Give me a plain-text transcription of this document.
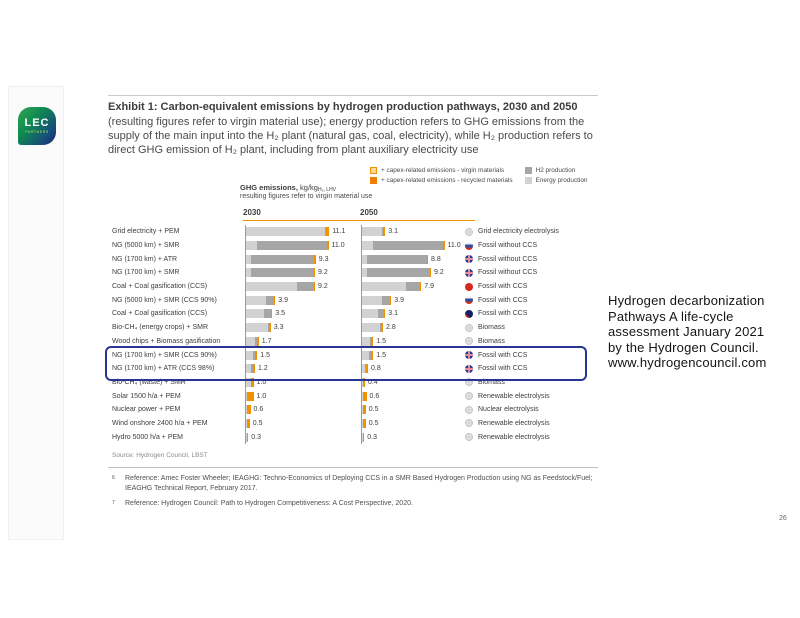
LEC
PARTNERS
Exhibit 1: Carbon-equivalent emissions by hydrogen production pathways, 2030 and 2050
(resulting figures refer to virgin material use); energy production refers to GHG emissions from the supply of the main input into the H₂ plant (natural gas, coal, electricity), while H₂ production refers to direct GHG emission of H₂ plant, including from plant auxiliary electricity use
+ capex-related emissions - virgin materials
+ capex-related emissions - recycled materials
H2 production
Energy production
GHG emissions, kg/kgH₂, LHV
resulting figures refer to virgin material use
2030	2050
Grid electricity + PEM	11.1	3.1	Grid electricity electrolysis
NG (5000 km) + SMR	11.0	11.0 Fossil without CCS
NG (1700 km) + ATR	9.3	8.8	Fossil without CCS
NG (1700 km) + SMR	9.2	9.2	Fossil without CCS
Coal + Coal gasification (CCS)	9.2	7.9	Fossil with CCS
NG (5000 km) + SMR (CCS 90%)	3.9	3.9	Fossil with CCS
Coal + Coal gasification (CCS)	3.5	3.1	Fossil with CCS
Bio-CH₄ (energy crops) + SMR	3.3	2.8	Biomass
Wood chips + Biomass gasification	1.7	1.5	Biomass
NG (1700 km) + SMR (CCS 90%)	1.5	1.5	Fossil with CCS
NG (1700 km) + ATR (CCS 98%)	1.2	0.8	Fossil with CCS
Bio-CH₄ (waste) + SMR	1.0	0.4	Biomass
Solar 1500 h/a + PEM	1.0	0.6	Renewable electrolysis
Nuclear power + PEM	0.6	0.5	Nuclear electrolysis
Wind onshore 2400 h/a + PEM	0.5	0.5	Renewable electrolysis
Hydro 5000 h/a + PEM	0.3	0.3	Renewable electrolysis
Source: Hydrogen Council, LBST
6	Reference: Amec Foster Wheeler; IEAGHG: Techno-Economics of Deploying CCS in a SMR Based Hydrogen Production using NG as Feedstock/Fuel; IEAGHG Technical Report, February 2017.
7	Reference: Hydrogen Council: Path to Hydrogen Competitiveness: A Cost Perspective, 2020.
Hydrogen decarbonization
Pathways A life-cycle
assessment January 2021
by the Hydrogen Council.
www.hydrogencouncil.com
26
